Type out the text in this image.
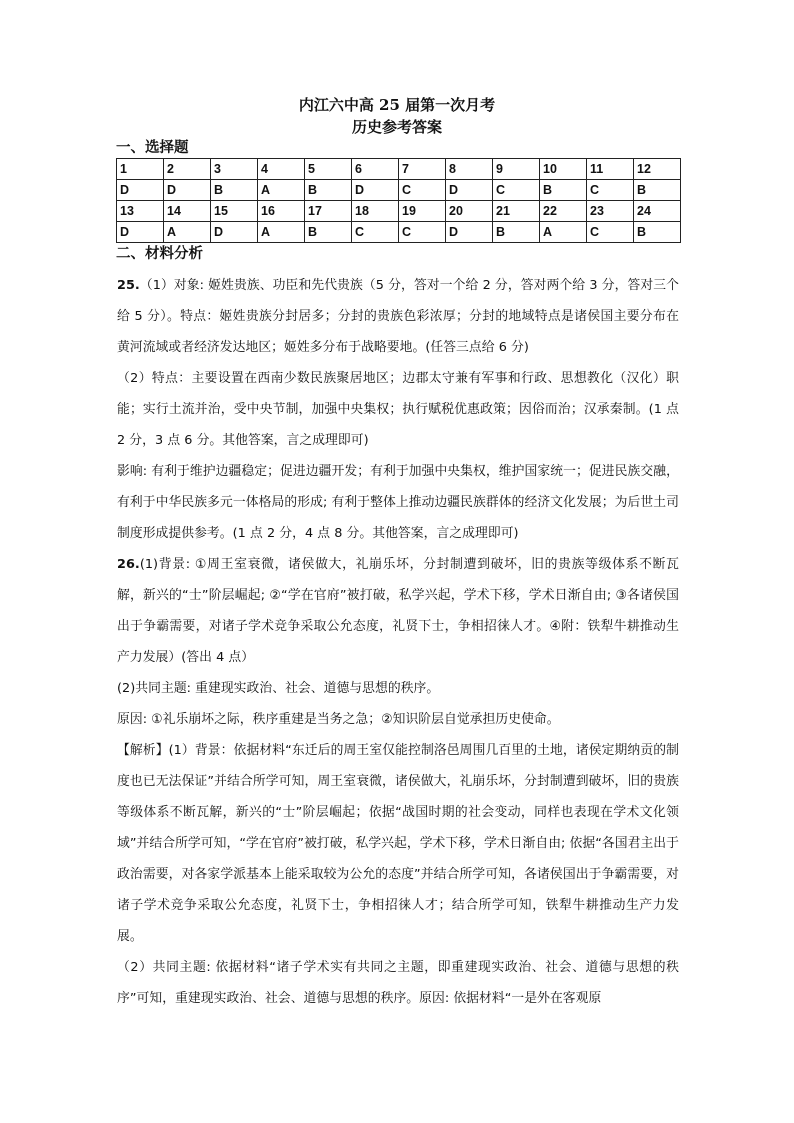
内江六中高 25 届第一次月考
历史参考答案
一、选择题
1	2	3	4	5	6	7	8	9	10	11	12
D	D	B	A	B	D	C	D	C	B	C	B
13	14	15	16	17	18	19	20	21	22	23	24
D	A	D	A	B	C	C	D	B	A	C	B
二、材料分析

25.（1）对象: 姬姓贵族、功臣和先代贵族（5 分，答对一个给 2 分，答对两个给 3 分，答对三个给 5 分）。特点：姬姓贵族分封居多；分封的贵族色彩浓厚；分封的地域特点是诸侯国主要分布在黄河流域或者经济发达地区；姬姓多分布于战略要地。(任答三点给 6 分)

（2）特点：主要设置在西南少数民族聚居地区；边郡太守兼有军事和行政、思想教化（汉化）职能；实行土流并治，受中央节制，加强中央集权；执行赋税优惠政策；因俗而治；汉承秦制。(1 点 2 分，3 点 6 分。其他答案，言之成理即可)

影响: 有利于维护边疆稳定；促进边疆开发；有利于加强中央集权，维护国家统一；促进民族交融，有利于中华民族多元一体格局的形成; 有利于整体上推动边疆民族群体的经济文化发展；为后世土司制度形成提供参考。(1 点 2 分，4 点 8 分。其他答案，言之成理即可)

26.(1)背景: ①周王室衰微，诸侯做大，礼崩乐坏，分封制遭到破坏，旧的贵族等级体系不断瓦解，新兴的“士”阶层崛起; ②“学在官府”被打破，私学兴起，学术下移，学术日渐自由; ③各诸侯国出于争霸需要，对诸子学术竞争采取公允态度，礼贤下士，争相招徕人才。④附：铁犁牛耕推动生产力发展）(答出 4 点）

(2)共同主题: 重建现实政治、社会、道德与思想的秩序。

原因: ①礼乐崩坏之际，秩序重建是当务之急；②知识阶层自觉承担历史使命。

【解析】(1）背景：依据材料“东迁后的周王室仅能控制洛邑周围几百里的土地，诸侯定期纳贡的制度也已无法保证”并结合所学可知，周王室衰微，诸侯做大，礼崩乐坏，分封制遭到破坏，旧的贵族等级体系不断瓦解，新兴的“士”阶层崛起；依据“战国时期的社会变动，同样也表现在学术文化领域”并结合所学可知，“学在官府”被打破，私学兴起，学术下移，学术日渐自由; 依据“各国君主出于政治需要，对各家学派基本上能采取较为公允的态度”并结合所学可知，各诸侯国出于争霸需要，对诸子学术竞争采取公允态度，礼贤下士，争相招徕人才；结合所学可知，铁犁牛耕推动生产力发展。

（2）共同主题: 依据材料“诸子学术实有共同之主题，即重建现实政治、社会、道德与思想的秩序”可知，重建现实政治、社会、道德与思想的秩序。原因: 依据材料“一是外在客观原
